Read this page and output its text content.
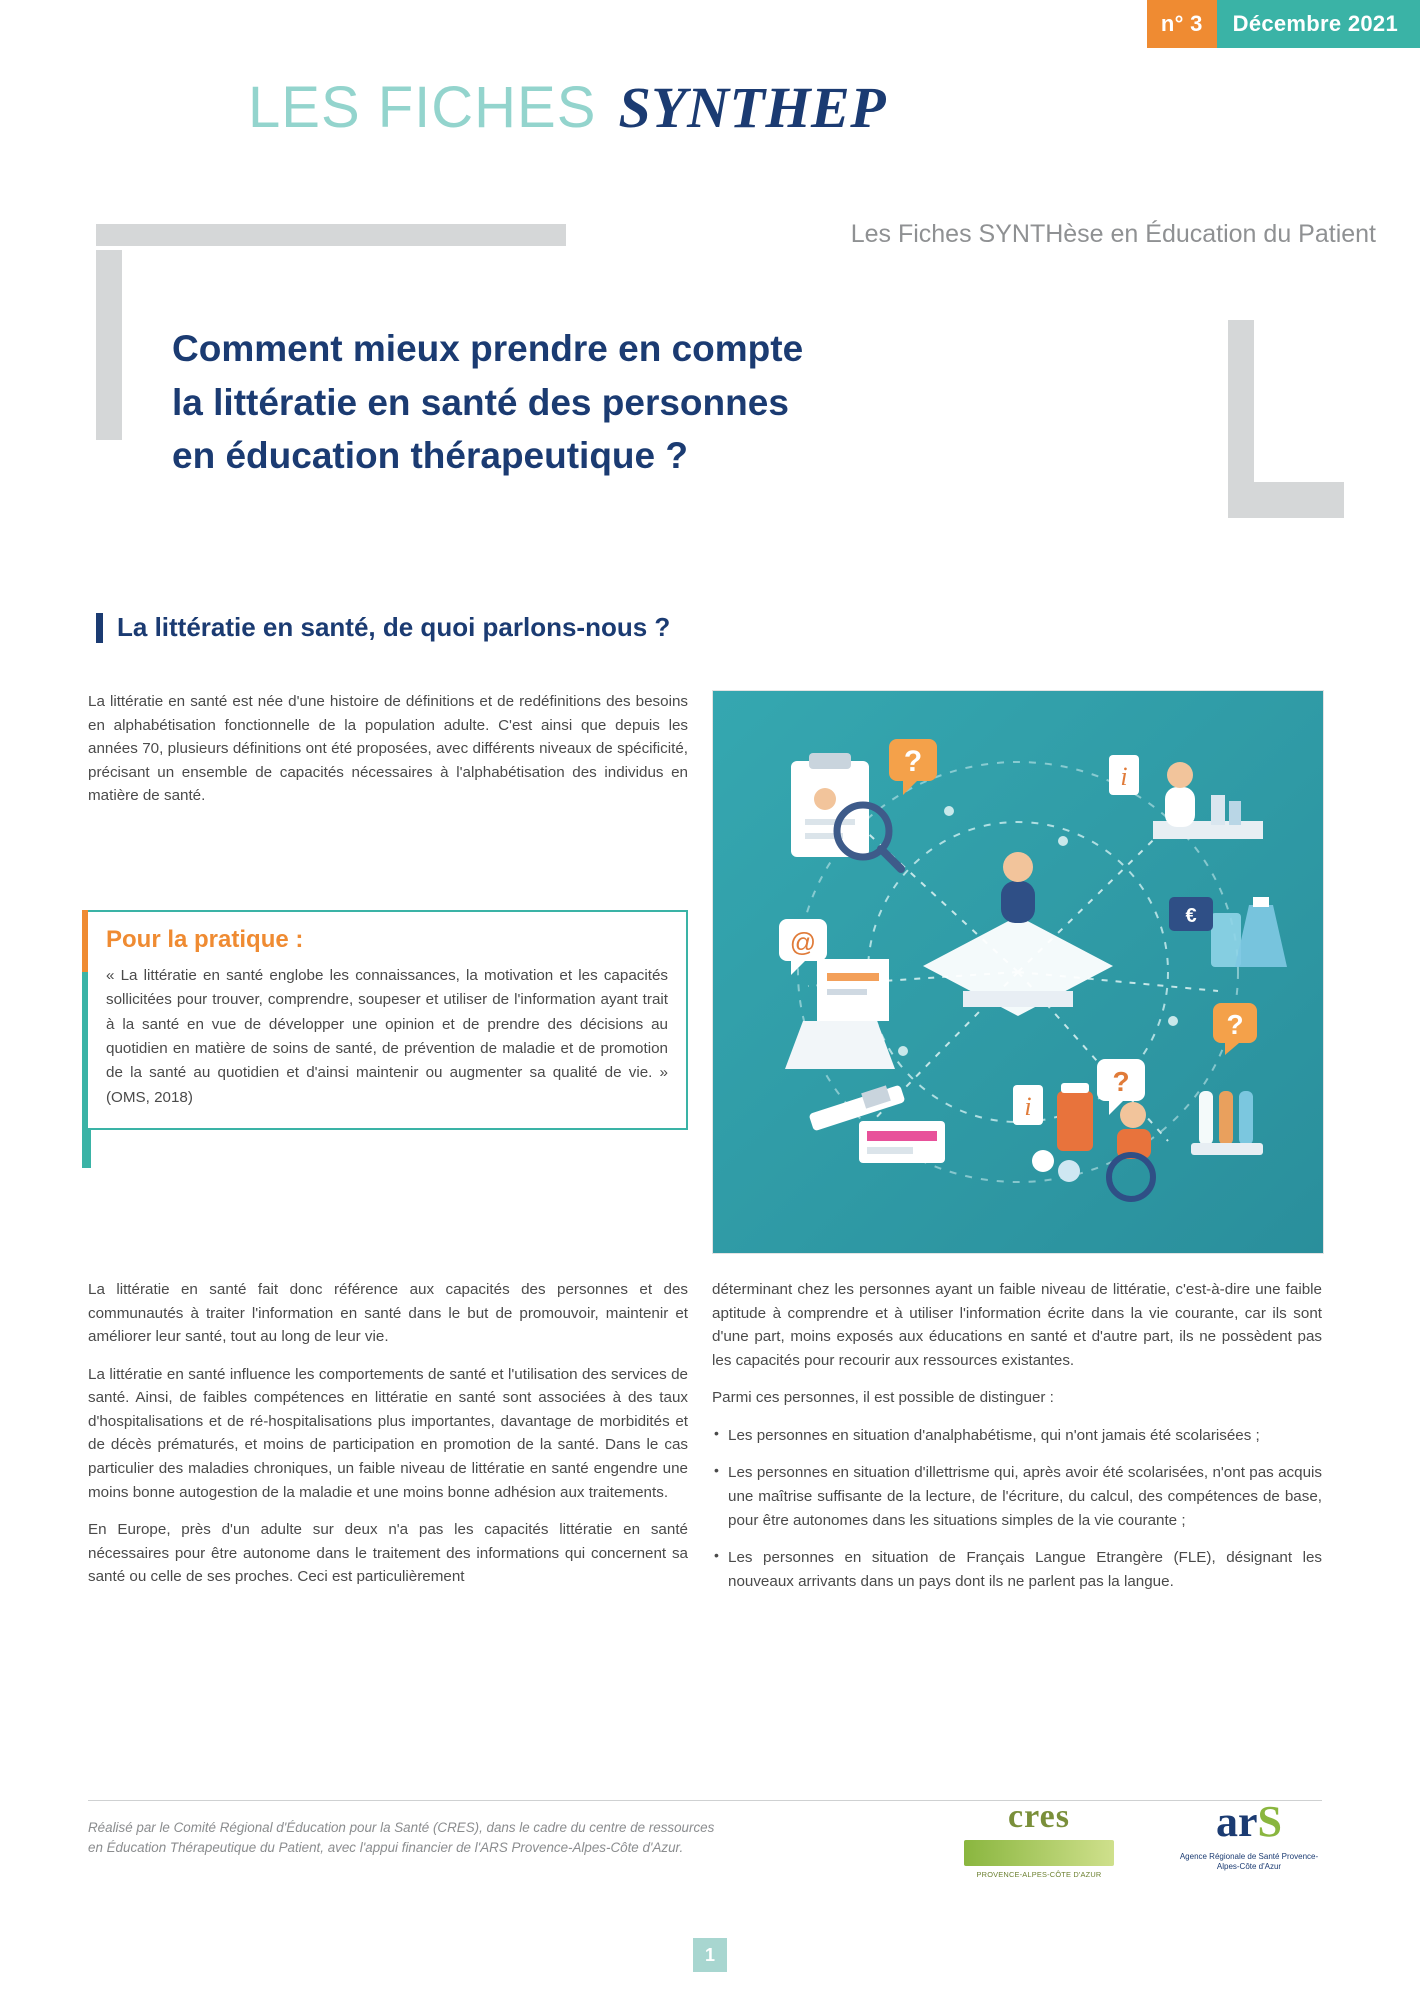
n° 3	Décembre 2021
LES FICHES SYNTHEP
Les Fiches SYNTHèse en Éducation du Patient
Comment mieux prendre en compte
la littératie en santé des personnes
en éducation thérapeutique ?
La littératie en santé, de quoi parlons-nous ?

La littératie en santé est née d'une histoire de définitions et de redéfinitions des besoins en alphabétisation fonctionnelle de la population adulte. C'est ainsi que depuis les années 70, plusieurs définitions ont été proposées, avec différents niveaux de spécificité, précisant un ensemble de capacités nécessaires à l'alphabétisation des individus en matière de santé.

Pour la pratique :

« La littératie en santé englobe les connaissances, la motivation et les capacités sollicitées pour trouver, comprendre, soupeser et utiliser de l'information ayant trait à la santé en vue de développer une opinion et de prendre des décisions au quotidien en matière de soins de santé, de prévention de maladie et de promotion de la santé au quotidien et d'ainsi maintenir ou augmenter sa qualité de vie. » (OMS, 2018)

?	i
€
?
?
i
@

La littératie en santé fait donc référence aux capacités des personnes et des communautés à traiter l'information en santé dans le but de promouvoir, maintenir et améliorer leur santé, tout au long de leur vie.

La littératie en santé influence les comportements de santé et l'utilisation des services de santé. Ainsi, de faibles compétences en littératie en santé sont associées à des taux d'hospitalisations et de ré-hospitalisations plus importantes, davantage de morbidités et de décès prématurés, et moins de participation en promotion de la santé. Dans le cas particulier des maladies chroniques, un faible niveau de littératie en santé engendre une moins bonne autogestion de la maladie et une moins bonne adhésion aux traitements.

En Europe, près d'un adulte sur deux n'a pas les capacités littératie en santé nécessaires pour être autonome dans le traitement des informations qui concernent sa santé ou celle de ses proches. Ceci est particulièrement

déterminant chez les personnes ayant un faible niveau de littératie, c'est-à-dire une faible aptitude à comprendre et à utiliser l'information écrite dans la vie courante, car ils sont d'une part, moins exposés aux éducations en santé et d'autre part, ils ne possèdent pas les capacités pour recourir aux ressources existantes.

Parmi ces personnes, il est possible de distinguer :

• Les personnes en situation d'analphabétisme, qui n'ont jamais été scolarisées ;
• Les personnes en situation d'illettrisme qui, après avoir été scolarisées, n'ont pas acquis une maîtrise suffisante de la lecture, de l'écriture, du calcul, des compétences de base, pour être autonomes dans les situations simples de la vie courante ;
• Les personnes en situation de Français Langue Etrangère (FLE), désignant les nouveaux arrivants dans un pays dont ils ne parlent pas la langue.
Réalisé par le Comité Régional d'Éducation pour la Santé (CRES), dans le cadre du centre de ressources
en Éducation Thérapeutique du Patient, avec l'appui financier de l'ARS Provence-Alpes-Côte d'Azur.
cres
PROVENCE-ALPES-CÔTE D'AZUR
arS
Agence Régionale de Santé Provence-Alpes-Côte d'Azur
1
